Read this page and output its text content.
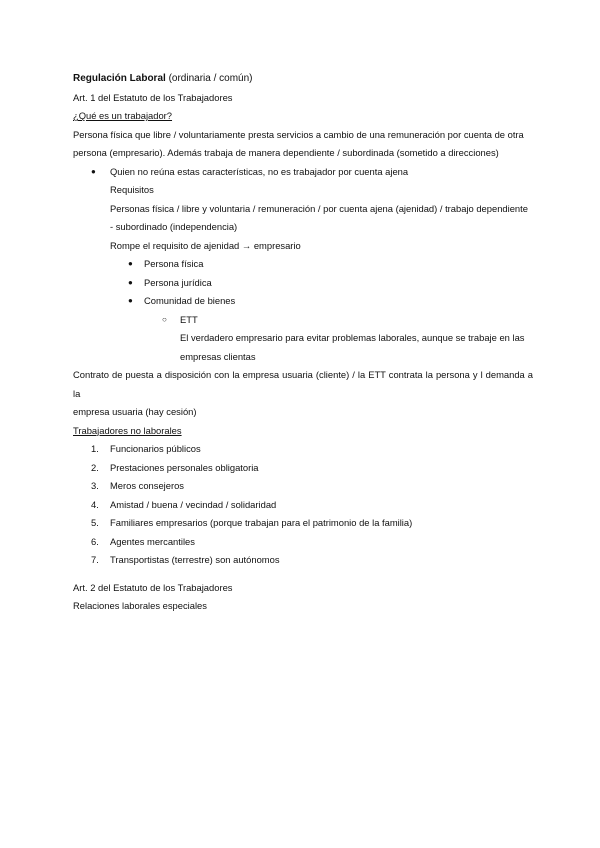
Regulación Laboral (ordinaria / común)

Art. 1 del Estatuto de los Trabajadores

¿Qué es un trabajador?

Persona física que libre / voluntariamente presta servicios a cambio de una remuneración por cuenta de otra

persona (empresario). Además trabaja de manera dependiente / subordinada (sometido a direcciones)

●	Quien no reúna estas características, no es trabajador por cuenta ajena

Requisitos

Personas física / libre y voluntaria / remuneración / por cuenta ajena (ajenidad) / trabajo dependiente

- subordinado (independencia)

Rompe el requisito de ajenidad → empresario

●	Persona física
●	Persona jurídica
●	Comunidad de bienes
○	ETT

El verdadero empresario para evitar problemas laborales, aunque se trabaje en las

empresas clientas

Contrato de puesta a disposición con la empresa usuaria (cliente) / la ETT contrata la persona y l demanda a la

empresa usuaria (hay cesión)

Trabajadores no laborales

1.	Funcionarios públicos
2.	Prestaciones personales obligatoria
3.	Meros consejeros
4.	Amistad / buena / vecindad / solidaridad
5.	Familiares empresarios (porque trabajan para el patrimonio de la familia)
6.	Agentes mercantiles
7.	Transportistas (terrestre) son autónomos

Art. 2 del Estatuto de los Trabajadores

Relaciones laborales especiales
